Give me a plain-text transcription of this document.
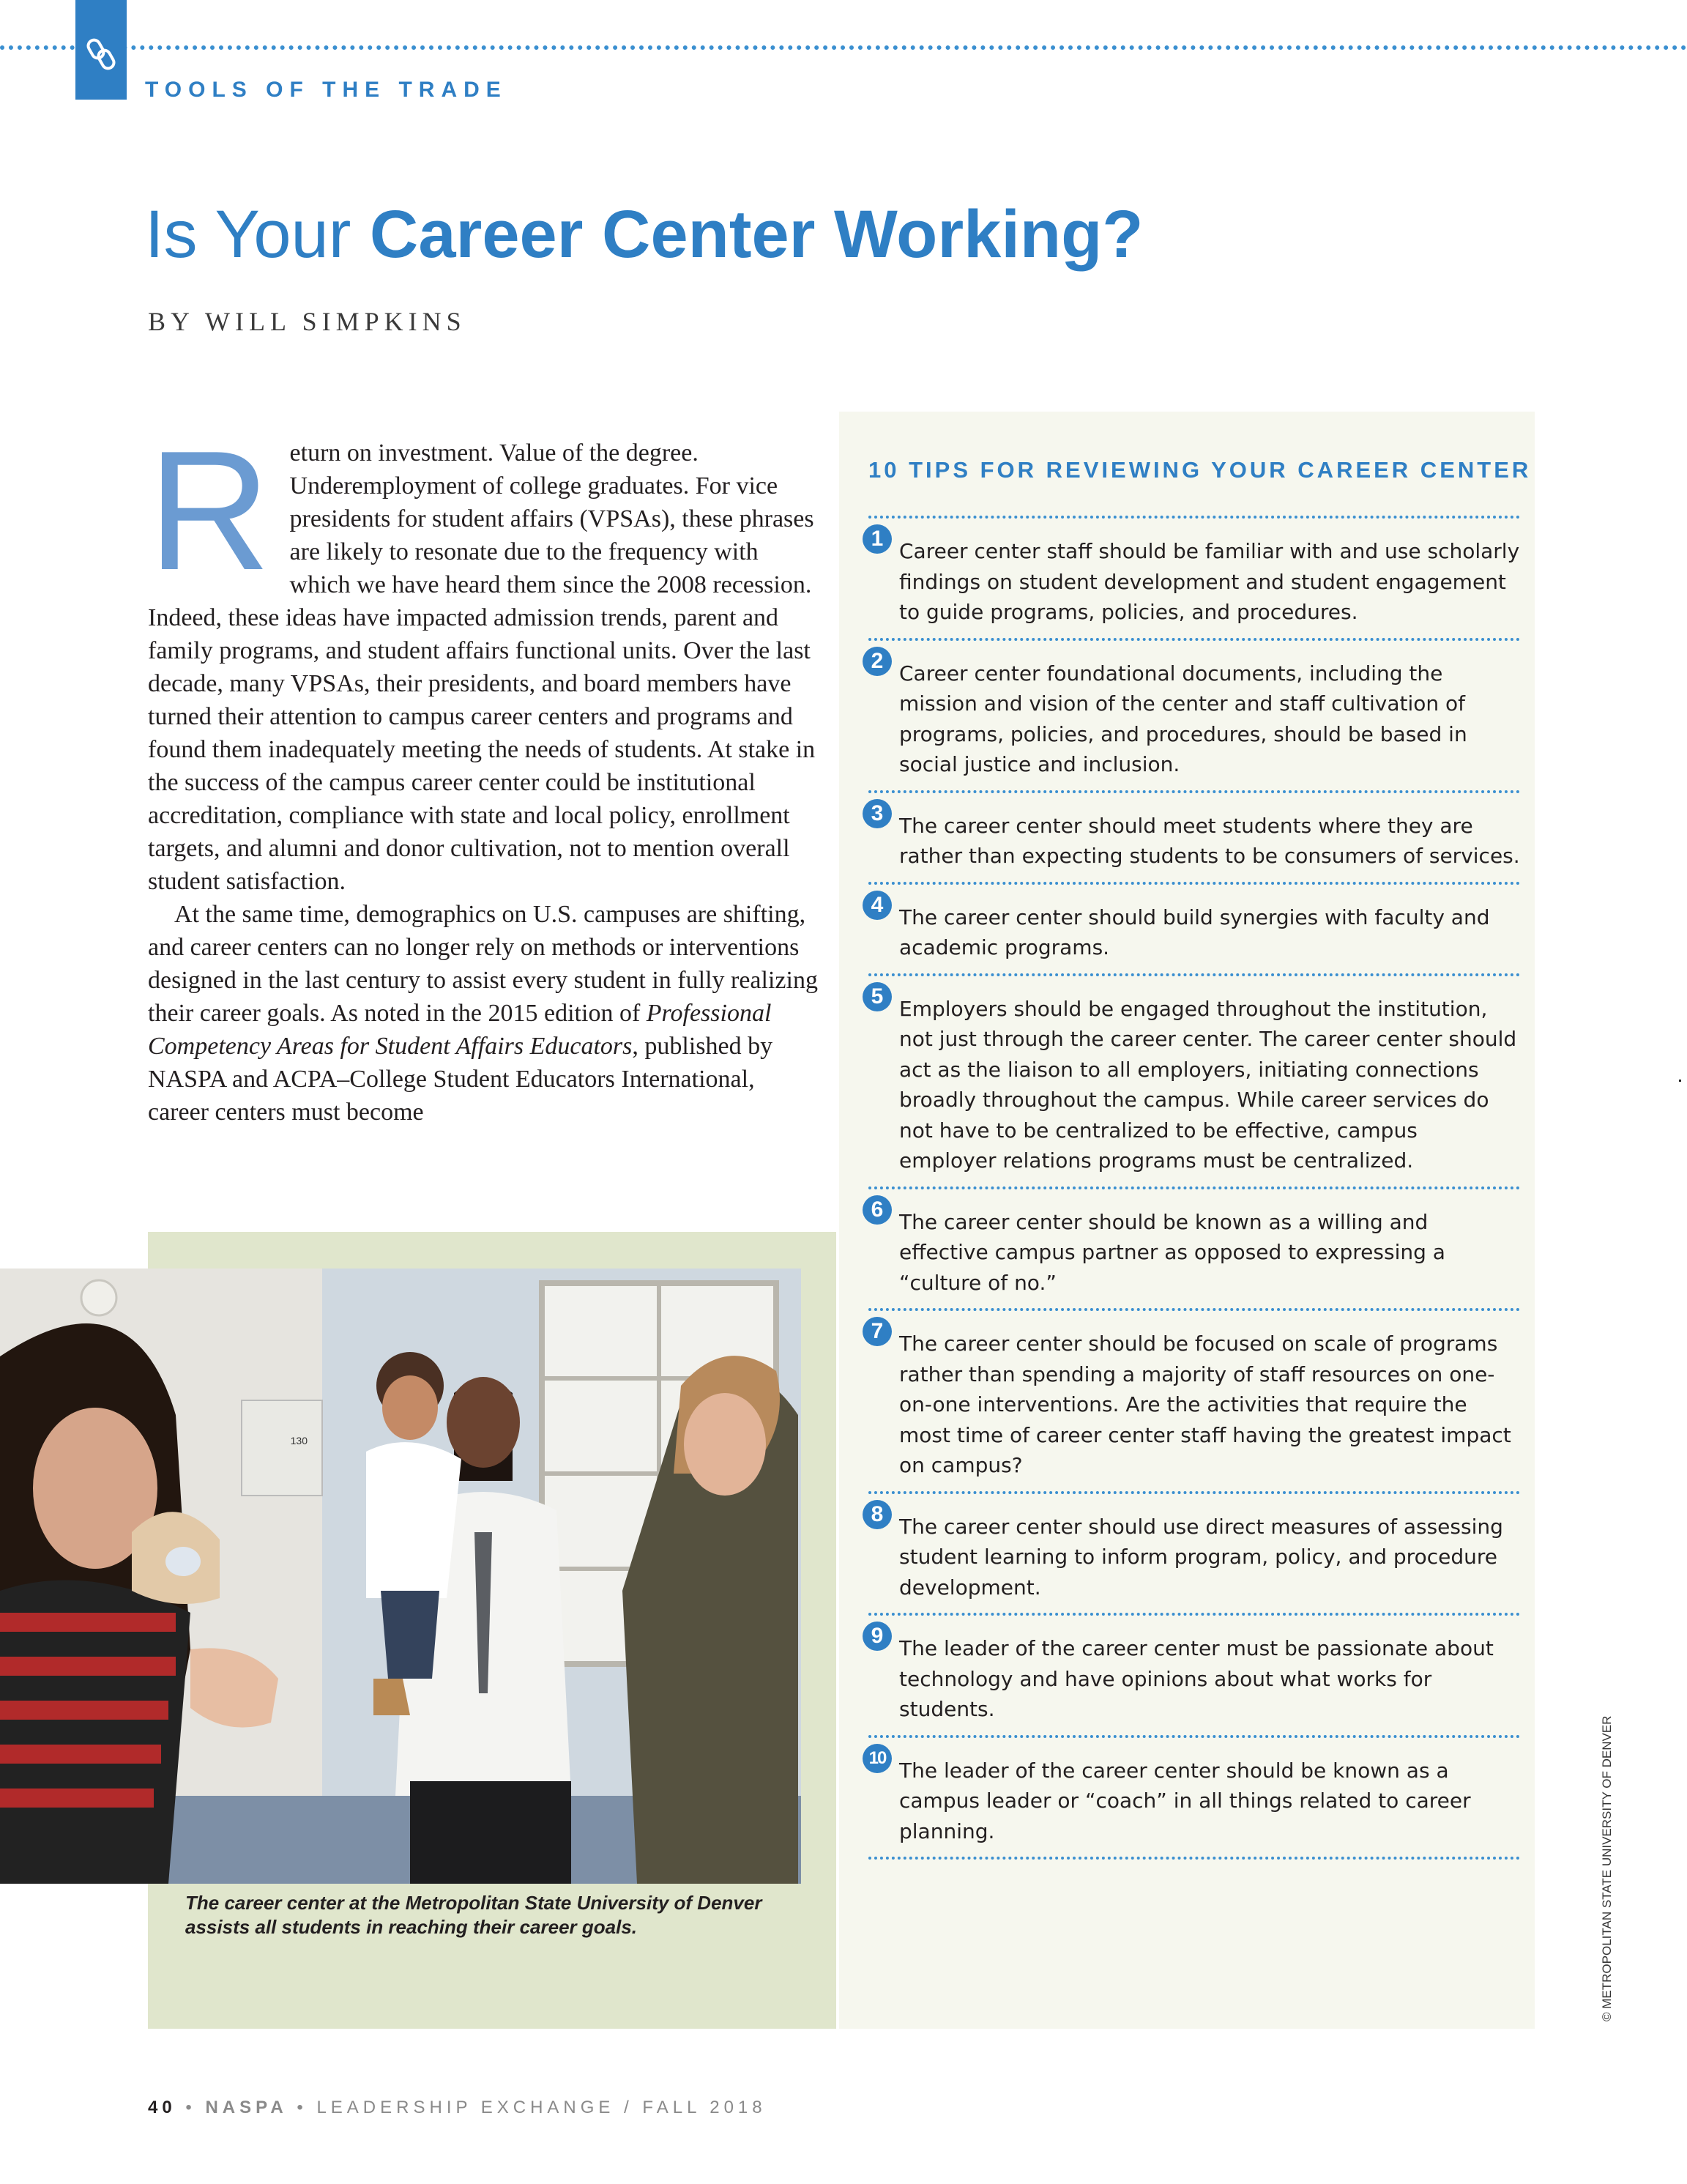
TOOLS OF THE TRADE
Is Your Career Center Working?
BY WILL SIMPKINS

Return on investment. Value of the degree. Underemployment of college graduates. For vice presidents for student affairs (VPSAs), these phrases are likely to resonate due to the frequency with which we have heard them since the 2008 recession. Indeed, these ideas have impacted admission trends, parent and family programs, and student affairs functional units. Over the last decade, many VPSAs, their presidents, and board members have turned their attention to campus career centers and programs and found them inadequately meeting the needs of students. At stake in the success of the campus career center could be institutional accreditation, compliance with state and local policy, enrollment targets, and alumni and donor cultivation, not to mention overall student satisfaction.

At the same time, demographics on U.S. campuses are shifting, and career centers can no longer rely on methods or interventions designed in the last century to assist every student in fully realizing their career goals. As noted in the 2015 edition of Professional Competency Areas for Student Affairs Educators, published by NASPA and ACPA–College Student Educators International, career centers must become

130
The career center at the Metropolitan State University of Denver assists all students in reaching their career goals.
10 TIPS FOR REVIEWING YOUR CAREER CENTER
1

Career center staff should be familiar with and use scholarly findings on student development and student engagement to guide programs, policies, and procedures.

2

Career center foundational documents, including the mission and vision of the center and staff cultivation of programs, policies, and procedures, should be based in social justice and inclusion.

3

The career center should meet students where they are rather than expecting students to be consumers of services.

4

The career center should build synergies with faculty and academic programs.

5

Employers should be engaged throughout the institution, not just through the career center. The career center should act as the liaison to all employers, initiating connections broadly throughout the campus. While career services do not have to be centralized to be effective, campus employer relations programs must be centralized.

6

The career center should be known as a willing and effective campus partner as opposed to expressing a “culture of no.”

7

The career center should be focused on scale of programs rather than spending a majority of staff resources on one-on-one interventions. Are the activities that require the most time of career center staff having the greatest impact on campus?

8

The career center should use direct measures of assessing student learning to inform program, policy, and procedure development.

9

The leader of the career center must be passionate about technology and have opinions about what works for students.

10

The leader of the career center should be known as a campus leader or “coach” in all things related to career planning.	© METROPOLITAN STATE UNIVERSITY OF DENVER
40 • NASPA • LEADERSHIP EXCHANGE / FALL 2018
